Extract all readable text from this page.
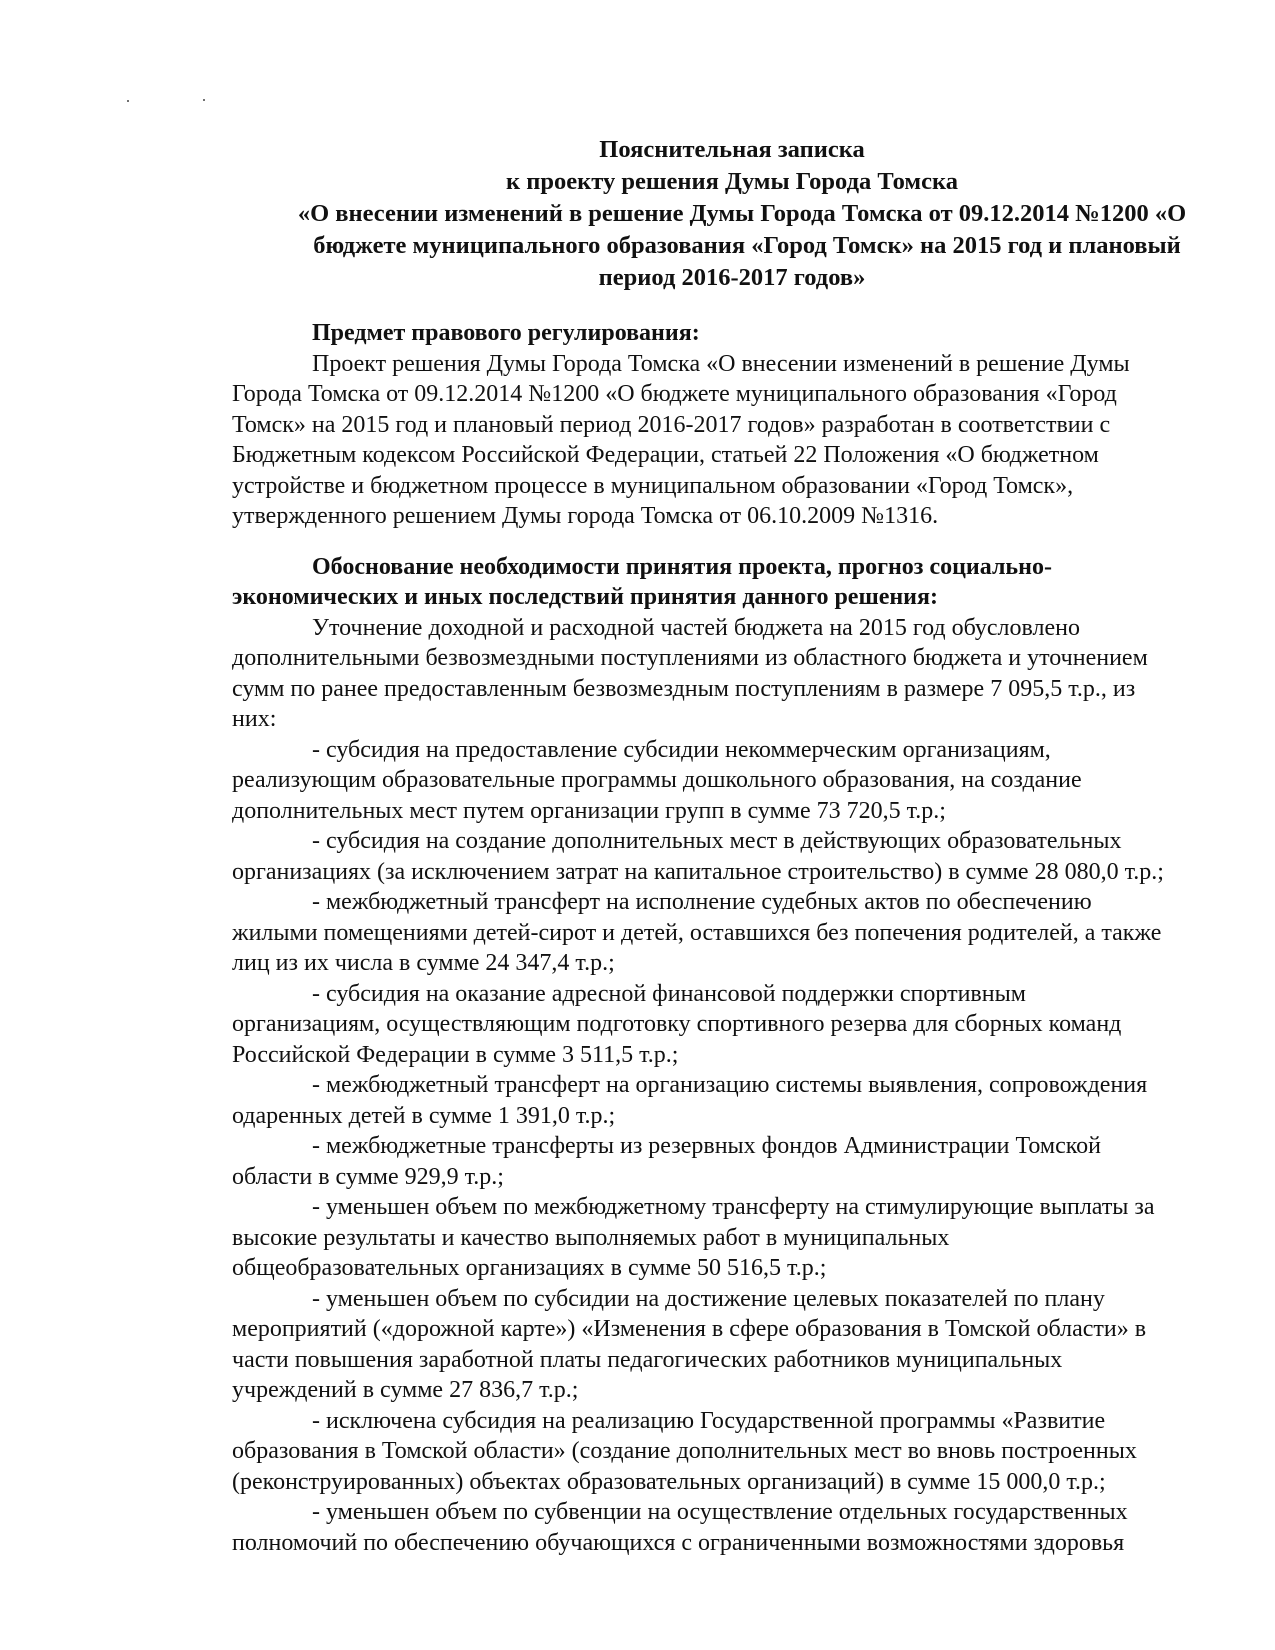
Пояснительная записка
к проекту решения Думы Города Томска
«О внесении изменений в решение Думы Города Томска от 09.12.2014 №1200 «О
бюджете муниципального образования «Город Томск» на 2015 год и плановый
период 2016-2017 годов»
Предмет правового регулирования:
Проект решения Думы Города Томска «О внесении изменений в решение Думы
Города Томска от 09.12.2014 №1200 «О бюджете муниципального образования «Город
Томск» на 2015 год и плановый период 2016-2017 годов» разработан в соответствии с
Бюджетным кодексом Российской Федерации, статьей 22 Положения «О бюджетном
устройстве и бюджетном процессе в муниципальном образовании «Город Томск»,
утвержденного решением Думы города Томска от 06.10.2009 №1316.
Обоснование необходимости принятия проекта, прогноз социально-
экономических и иных последствий принятия данного решения:
Уточнение доходной и расходной частей бюджета на 2015 год обусловлено
дополнительными безвозмездными поступлениями из областного бюджета и уточнением
сумм по ранее предоставленным безвозмездным поступлениям в размере 7 095,5 т.р., из
них:
- субсидия на предоставление субсидии некоммерческим организациям,
реализующим образовательные программы дошкольного образования, на создание
дополнительных мест путем организации групп в сумме 73 720,5 т.р.;
- субсидия на создание дополнительных мест в действующих образовательных
организациях (за исключением затрат на капитальное строительство) в сумме 28 080,0 т.р.;
- межбюджетный трансферт на исполнение судебных актов по обеспечению
жилыми помещениями детей-сирот и детей, оставшихся без попечения родителей, а также
лиц из их числа в сумме 24 347,4 т.р.;
- субсидия на оказание адресной финансовой поддержки спортивным
организациям, осуществляющим подготовку спортивного резерва для сборных команд
Российской Федерации в сумме 3 511,5 т.р.;
- межбюджетный трансферт на организацию системы выявления, сопровождения
одаренных детей в сумме 1 391,0 т.р.;
- межбюджетные трансферты из резервных фондов Администрации Томской
области в сумме 929,9 т.р.;
- уменьшен объем по межбюджетному трансферту на стимулирующие выплаты за
высокие результаты и качество выполняемых работ в муниципальных
общеобразовательных организациях в сумме 50 516,5 т.р.;
- уменьшен объем по субсидии на достижение целевых показателей по плану
мероприятий («дорожной карте») «Изменения в сфере образования в Томской области» в
части повышения заработной платы педагогических работников муниципальных
учреждений в сумме 27 836,7 т.р.;
- исключена субсидия на реализацию Государственной программы «Развитие
образования в Томской области» (создание дополнительных мест во вновь построенных
(реконструированных) объектах образовательных организаций) в сумме 15 000,0 т.р.;
- уменьшен объем по субвенции на осуществление отдельных государственных
полномочий по обеспечению обучающихся с ограниченными возможностями здоровья
